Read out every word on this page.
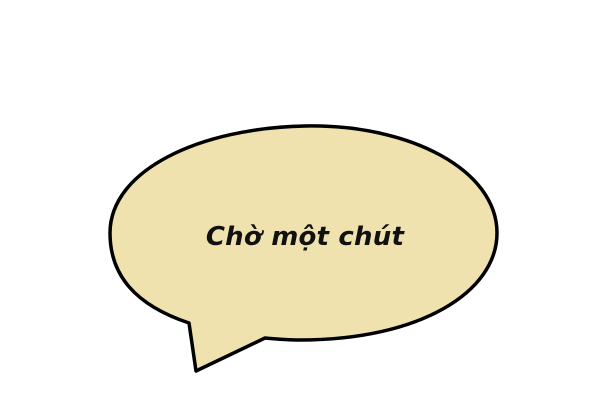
Chờ một chút
